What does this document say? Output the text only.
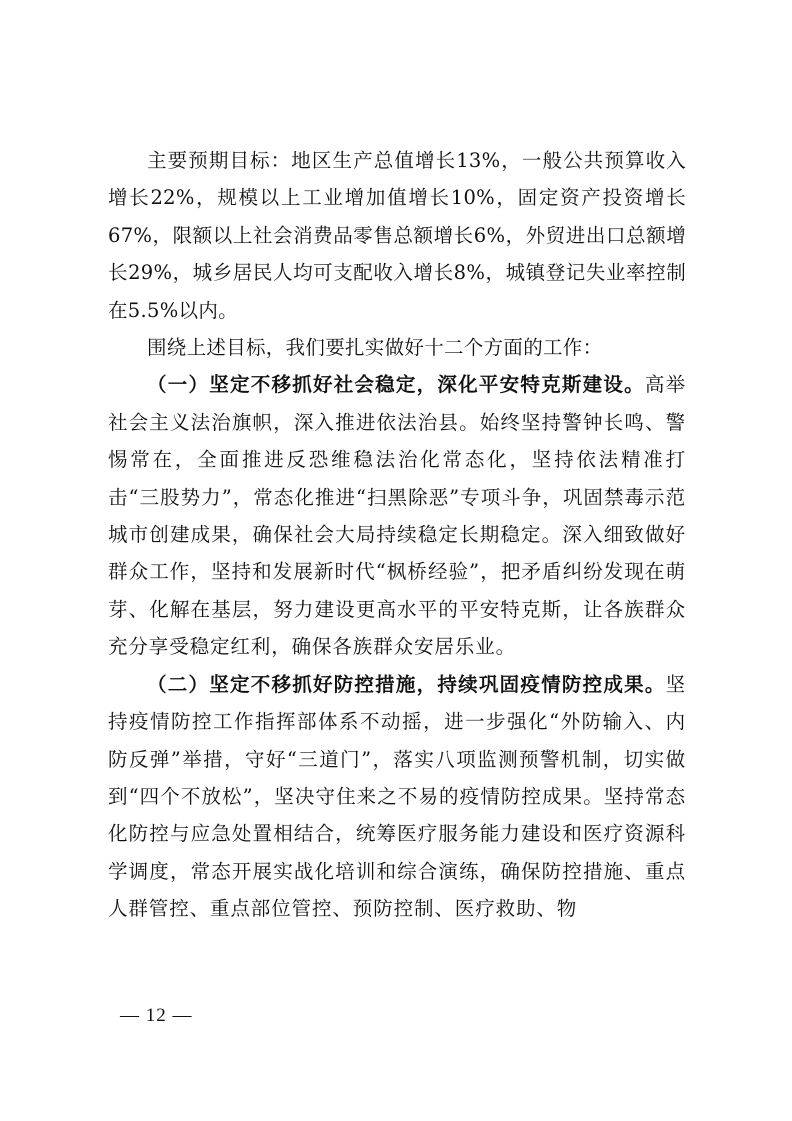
主要预期目标：地区生产总值增长13%，一般公共预算收入增长22%，规模以上工业增加值增长10%，固定资产投资增长67%，限额以上社会消费品零售总额增长6%，外贸进出口总额增长29%，城乡居民人均可支配收入增长8%，城镇登记失业率控制在5.5%以内。

围绕上述目标，我们要扎实做好十二个方面的工作：

（一）坚定不移抓好社会稳定，深化平安特克斯建设。高举社会主义法治旗帜，深入推进依法治县。始终坚持警钟长鸣、警惕常在，全面推进反恐维稳法治化常态化，坚持依法精准打击“三股势力”，常态化推进“扫黑除恶”专项斗争，巩固禁毒示范城市创建成果，确保社会大局持续稳定长期稳定。深入细致做好群众工作，坚持和发展新时代“枫桥经验”，把矛盾纠纷发现在萌芽、化解在基层，努力建设更高水平的平安特克斯，让各族群众充分享受稳定红利，确保各族群众安居乐业。

（二）坚定不移抓好防控措施，持续巩固疫情防控成果。坚持疫情防控工作指挥部体系不动摇，进一步强化“外防输入、内防反弹”举措，守好“三道门”，落实八项监测预警机制，切实做到“四个不放松”，坚决守住来之不易的疫情防控成果。坚持常态化防控与应急处置相结合，统筹医疗服务能力建设和医疗资源科学调度，常态开展实战化培训和综合演练，确保防控措施、重点人群管控、重点部位管控、预防控制、医疗救助、物

— 12 —
